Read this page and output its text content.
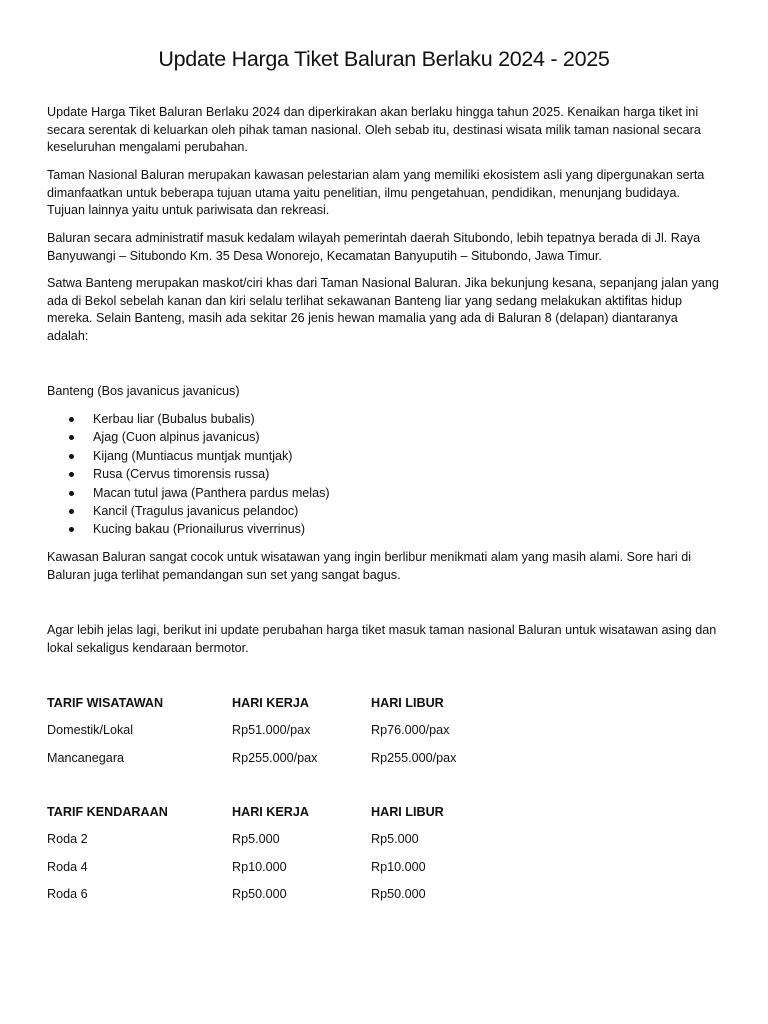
Update Harga Tiket Baluran Berlaku 2024 - 2025

Update Harga Tiket Baluran Berlaku 2024 dan diperkirakan akan berlaku hingga tahun 2025. Kenaikan harga tiket ini secara serentak di keluarkan oleh pihak taman nasional. Oleh sebab itu, destinasi wisata milik taman nasional secara keseluruhan mengalami perubahan.

Taman Nasional Baluran merupakan kawasan pelestarian alam yang memiliki ekosistem asli yang dipergunakan serta dimanfaatkan untuk beberapa tujuan utama yaitu penelitian, ilmu pengetahuan, pendidikan, menunjang budidaya. Tujuan lainnya yaitu untuk pariwisata dan rekreasi.

Baluran secara administratif masuk kedalam wilayah pemerintah daerah Situbondo, lebih tepatnya berada di Jl. Raya Banyuwangi – Situbondo Km. 35 Desa Wonorejo, Kecamatan Banyuputih – Situbondo, Jawa Timur.

Satwa Banteng merupakan maskot/ciri khas dari Taman Nasional Baluran. Jika bekunjung kesana, sepanjang jalan yang ada di Bekol sebelah kanan dan kiri selalu terlihat sekawanan Banteng liar yang sedang melakukan aktifitas hidup mereka. Selain Banteng, masih ada sekitar 26 jenis hewan mamalia yang ada di Baluran 8 (delapan) diantaranya adalah:

Banteng (Bos javanicus javanicus)

Kerbau liar (Bubalus bubalis)
Ajag (Cuon alpinus javanicus)
Kijang (Muntiacus muntjak muntjak)
Rusa (Cervus timorensis russa)
Macan tutul jawa (Panthera pardus melas)
Kancil (Tragulus javanicus pelandoc)
Kucing bakau (Prionailurus viverrinus)

Kawasan Baluran sangat cocok untuk wisatawan yang ingin berlibur menikmati alam yang masih alami. Sore hari di Baluran juga terlihat pemandangan sun set yang sangat bagus.

Agar lebih jelas lagi, berikut ini update perubahan harga tiket masuk taman nasional Baluran untuk wisatawan asing dan lokal sekaligus kendaraan bermotor.

TARIF WISATAWAN	HARI KERJA	HARI LIBUR
Domestik/Lokal	Rp51.000/pax	Rp76.000/pax
Mancanegara	Rp255.000/pax	Rp255.000/pax
TARIF KENDARAAN	HARI KERJA	HARI LIBUR
Roda 2	Rp5.000	Rp5.000
Roda 4	Rp10.000	Rp10.000
Roda 6	Rp50.000	Rp50.000
